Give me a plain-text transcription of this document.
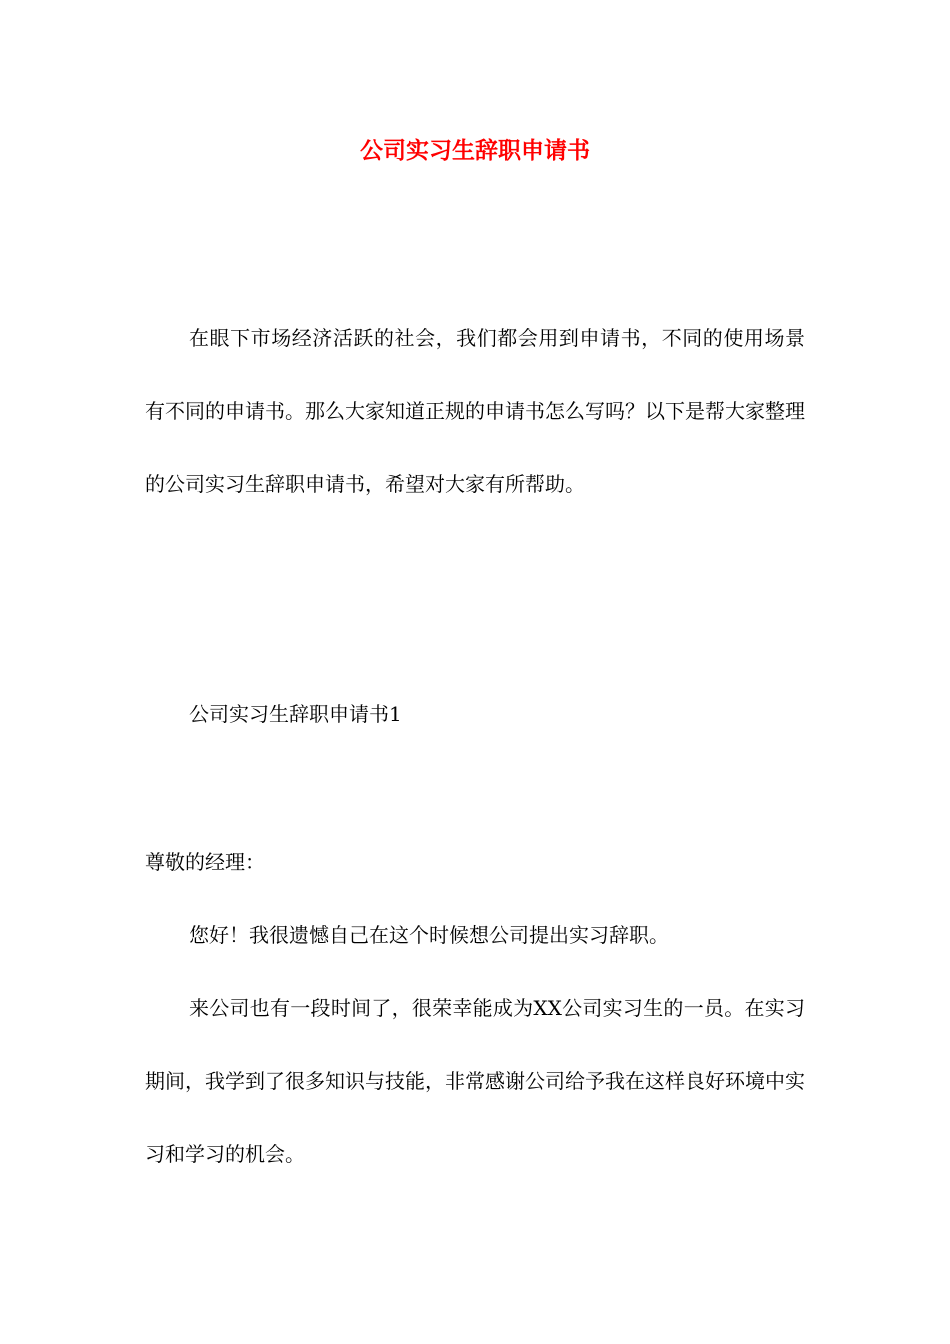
公司实习生辞职申请书

在眼下市场经济活跃的社会，我们都会用到申请书，不同的使用场景有不同的申请书。那么大家知道正规的申请书怎么写吗？以下是帮大家整理的公司实习生辞职申请书，希望对大家有所帮助。

公司实习生辞职申请书1

尊敬的经理：

您好！我很遗憾自己在这个时候想公司提出实习辞职。

来公司也有一段时间了，很荣幸能成为XX公司实习生的一员。在实习期间，我学到了很多知识与技能，非常感谢公司给予我在这样良好环境中实习和学习的机会。
